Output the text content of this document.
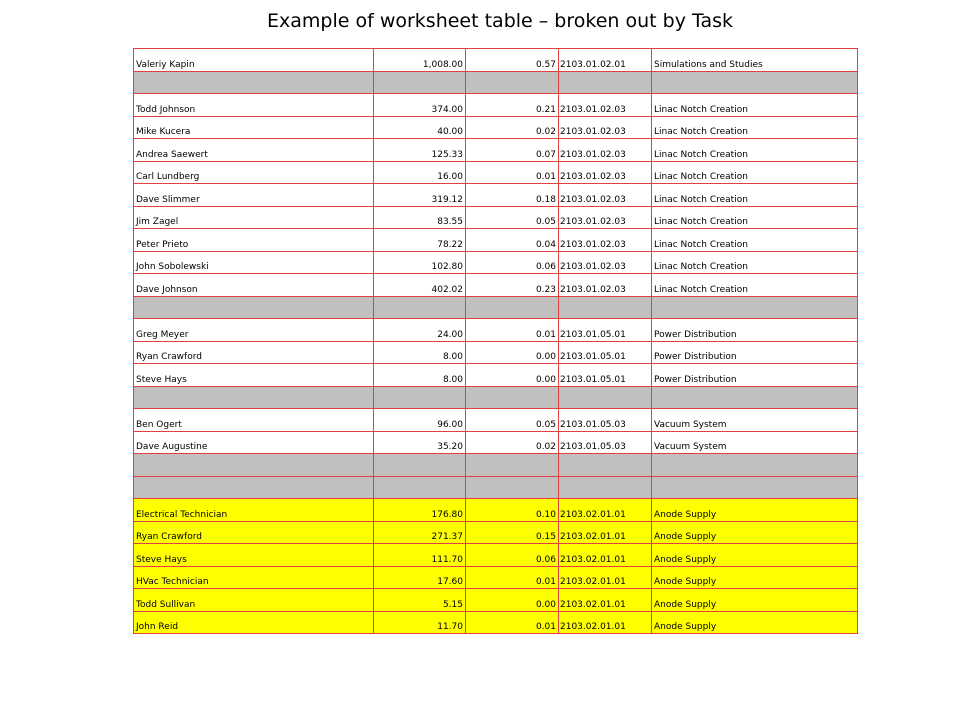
Example of worksheet table – broken out by Task
Valeriy Kapin	1,008.00	0.57	2103.01.02.01	Simulations and Studies

Todd Johnson	374.00	0.21	2103.01.02.03	Linac Notch Creation
Mike Kucera	40.00	0.02	2103.01.02.03	Linac Notch Creation
Andrea Saewert	125.33	0.07	2103.01.02.03	Linac Notch Creation
Carl Lundberg	16.00	0.01	2103.01.02.03	Linac Notch Creation
Dave Slimmer	319.12	0.18	2103.01.02.03	Linac Notch Creation
Jim Zagel	83.55	0.05	2103.01.02.03	Linac Notch Creation
Peter Prieto	78.22	0.04	2103.01.02.03	Linac Notch Creation
John Sobolewski	102.80	0.06	2103.01.02.03	Linac Notch Creation
Dave Johnson	402.02	0.23	2103.01.02.03	Linac Notch Creation

Greg Meyer	24.00	0.01	2103.01.05.01	Power Distribution
Ryan Crawford	8.00	0.00	2103.01.05.01	Power Distribution
Steve Hays	8.00	0.00	2103.01.05.01	Power Distribution

Ben Ogert	96.00	0.05	2103.01.05.03	Vacuum System
Dave Augustine	35.20	0.02	2103.01.05.03	Vacuum System

Electrical Technician	176.80	0.10	2103.02.01.01	Anode Supply
Ryan Crawford	271.37	0.15	2103.02.01.01	Anode Supply
Steve Hays	111.70	0.06	2103.02.01.01	Anode Supply
HVac Technician	17.60	0.01	2103.02.01.01	Anode Supply
Todd Sullivan	5.15	0.00	2103.02.01.01	Anode Supply
John Reid	11.70	0.01	2103.02.01.01	Anode Supply
